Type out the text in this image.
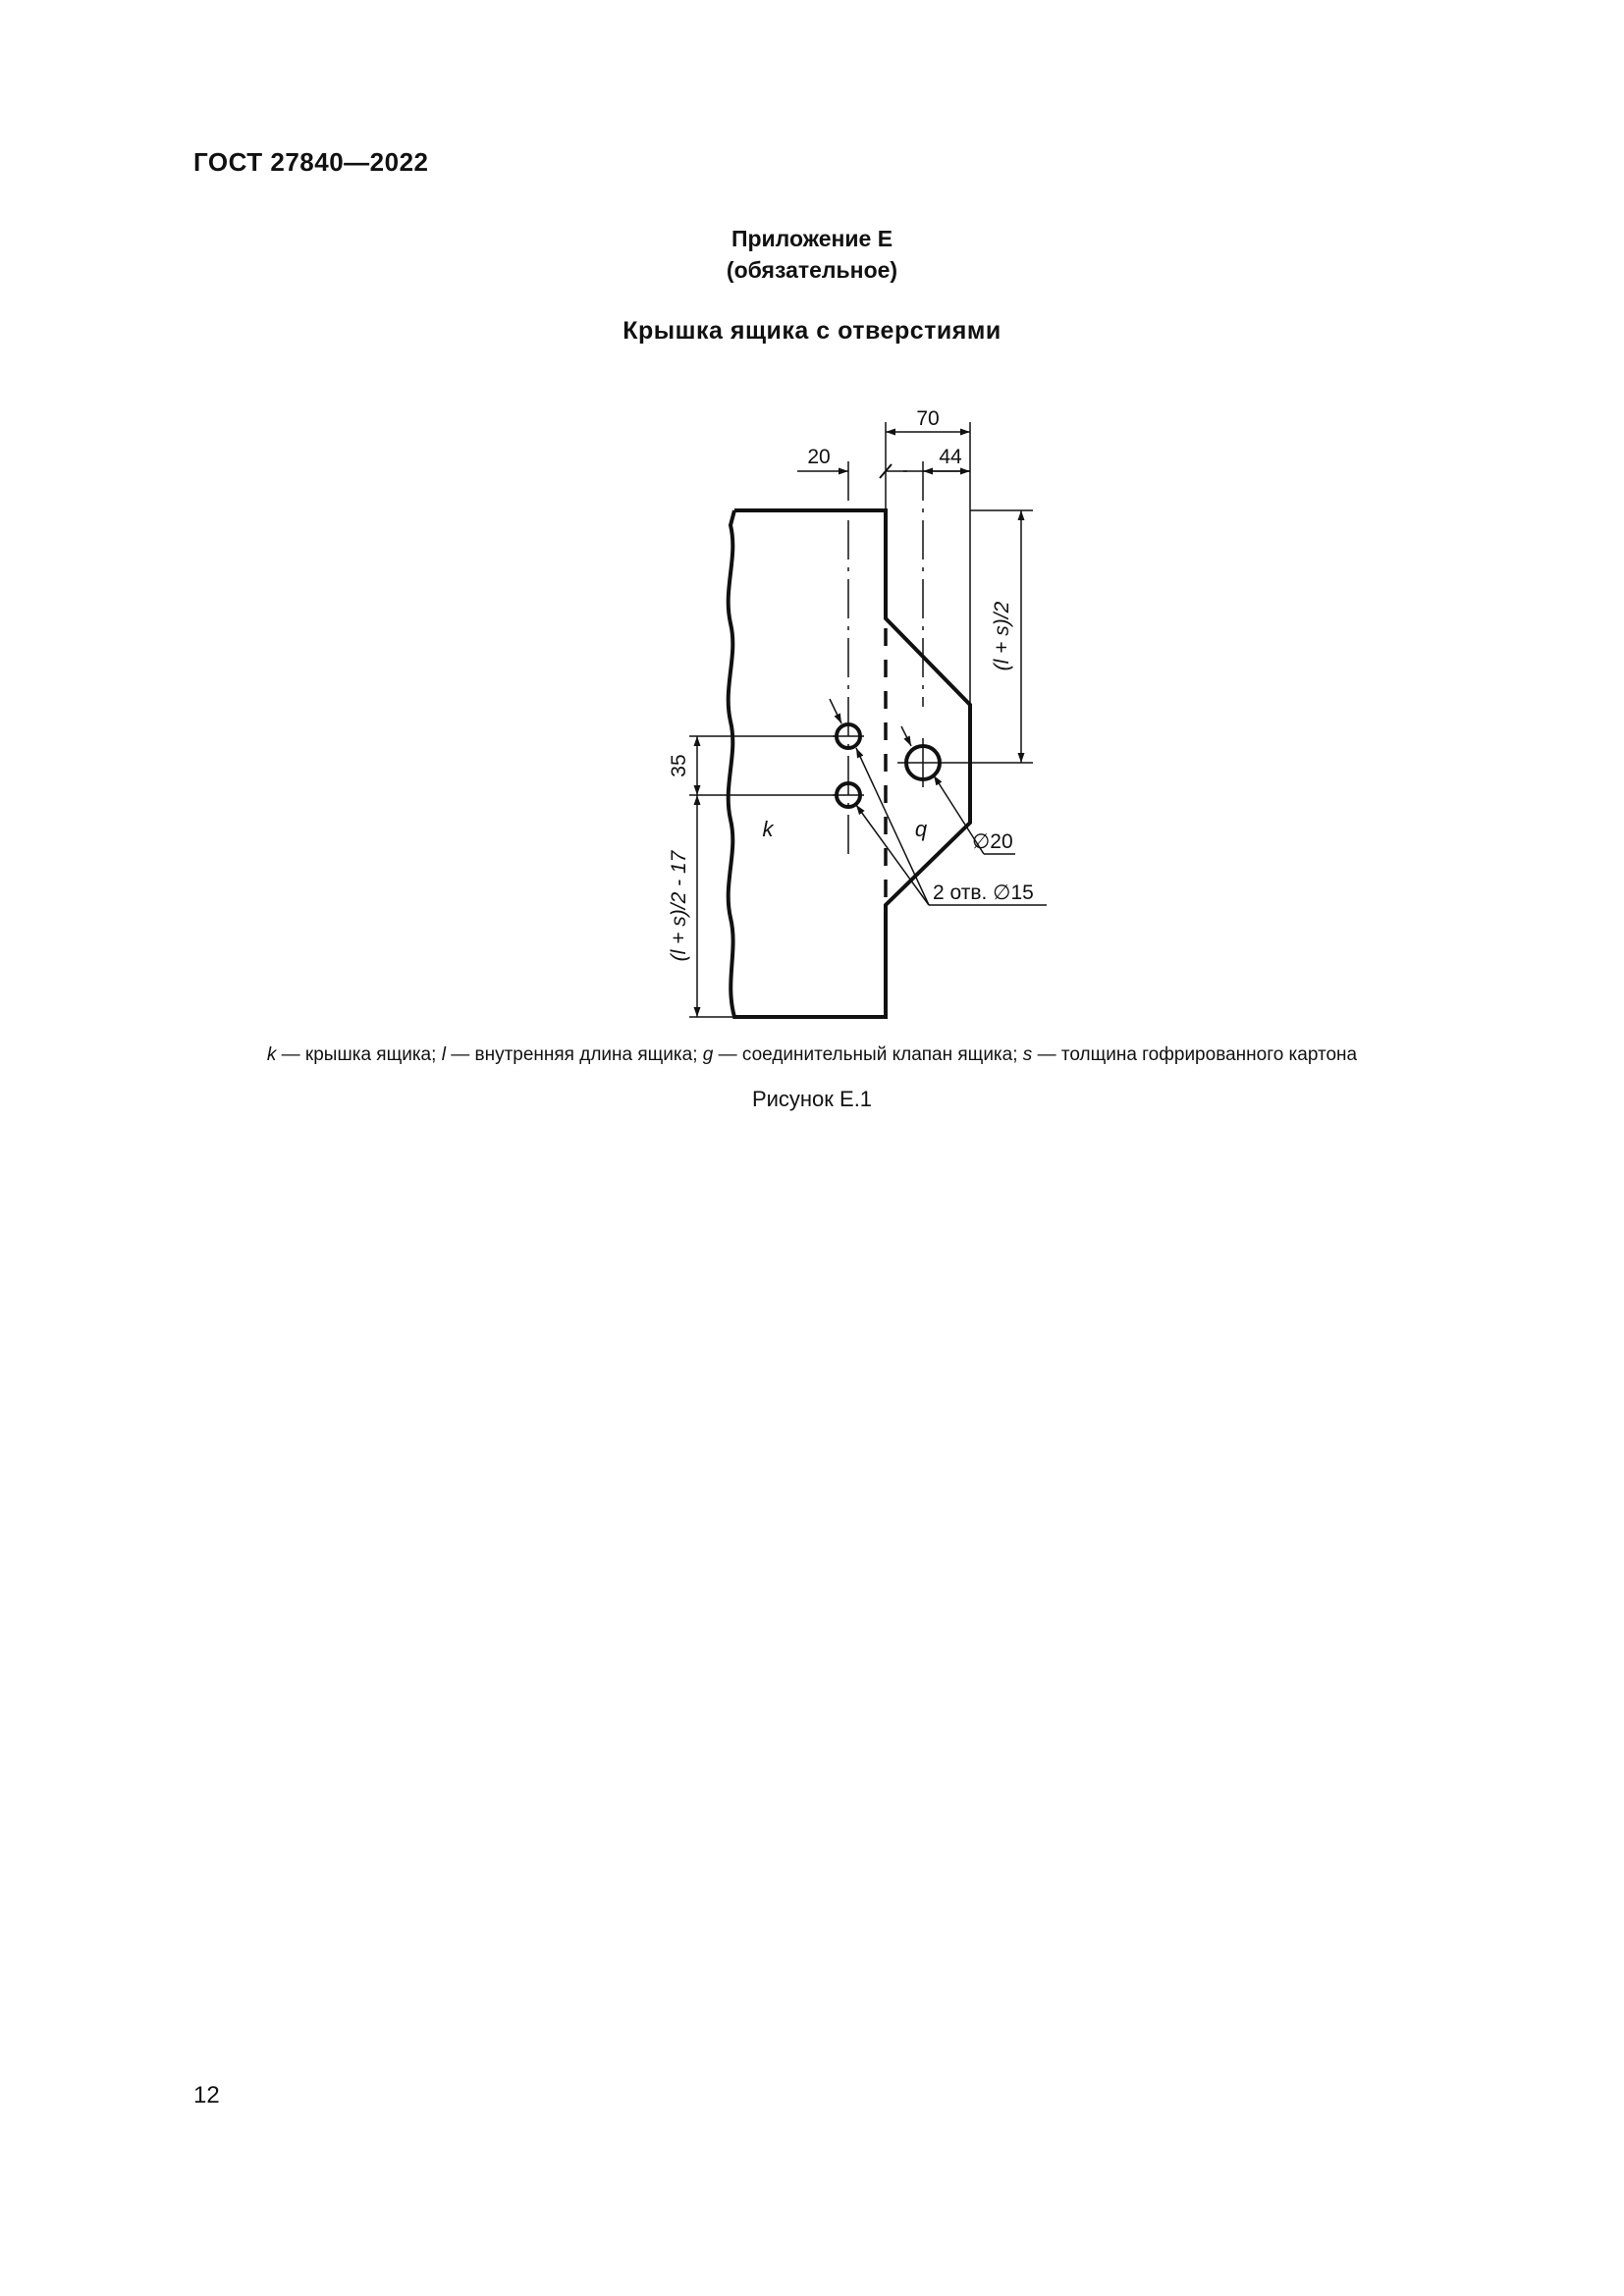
ГОСТ 27840—2022
Приложение Е
(обязательное)
Крышка ящика с отверстиями
70
20	44
(l + s)/2
35
(l + s)/2 - 17
k	q
∅20
2 отв. ∅15
k — крышка ящика; l — внутренняя длина ящика; g — соединительный клапан ящика; s — толщина гофрированного картона
Рисунок Е.1
12
